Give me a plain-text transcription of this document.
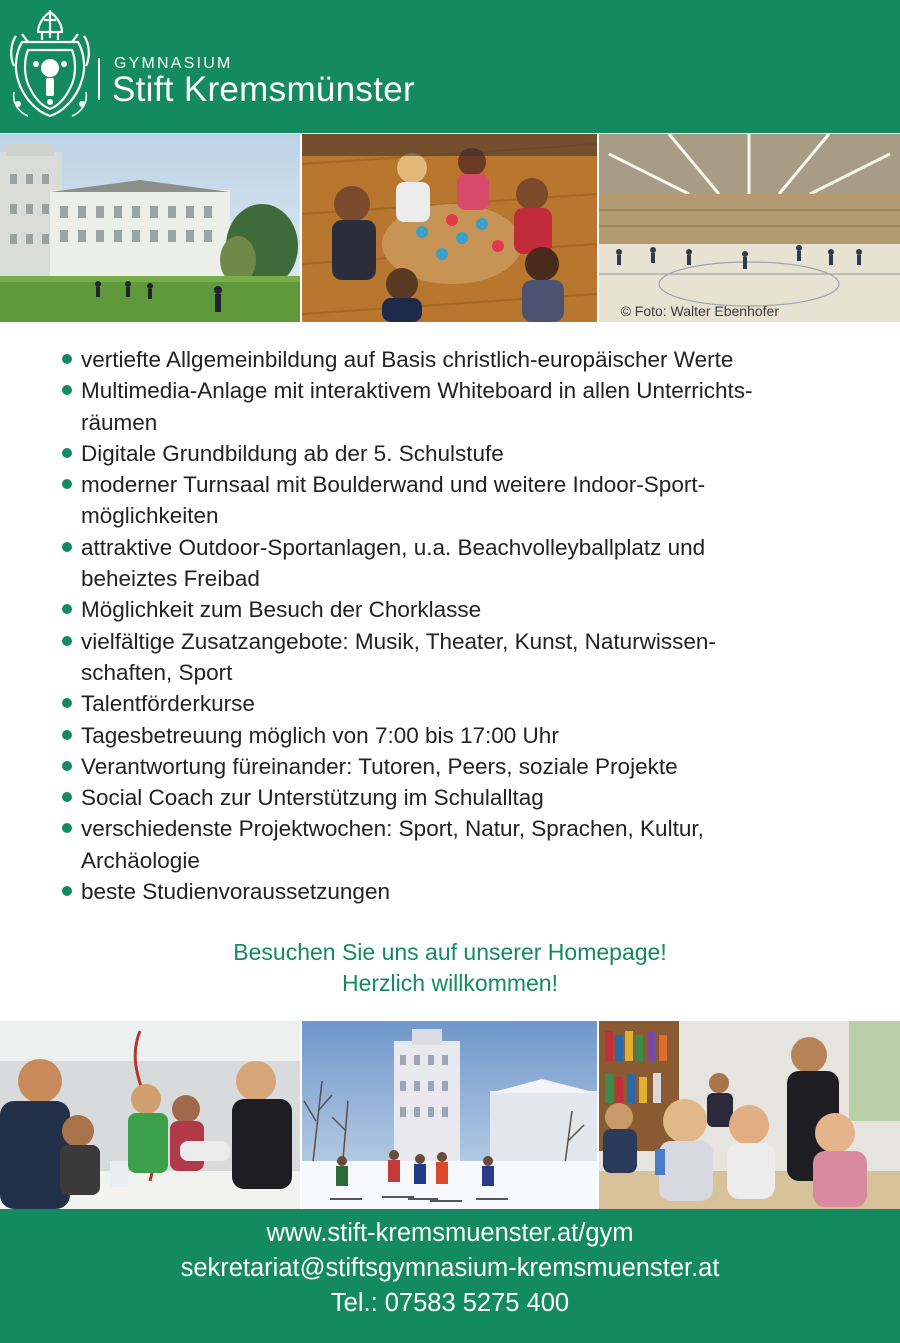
GYMNASIUM
Stift Kremsmünster
© Foto: Walter Ebenhofer
vertiefte Allgemeinbildung auf Basis christlich-europäischer Werte
Multimedia-Anlage mit interaktivem Whiteboard in allen Unterrichts-
räumen
Digitale Grundbildung ab der 5. Schulstufe
moderner Turnsaal mit Boulderwand und weitere Indoor-Sport-
möglichkeiten
attraktive Outdoor-Sportanlagen, u.a. Beachvolleyballplatz und
beheiztes Freibad
Möglichkeit zum Besuch der Chorklasse
vielfältige Zusatzangebote: Musik, Theater, Kunst, Naturwissen-
schaften, Sport
Talentförderkurse
Tagesbetreuung möglich von 7:00 bis 17:00 Uhr
Verantwortung füreinander: Tutoren, Peers, soziale Projekte
Social Coach zur Unterstützung im Schulalltag
verschiedenste Projektwochen: Sport, Natur, Sprachen, Kultur,
Archäologie
beste Studienvoraussetzungen
Besuchen Sie uns auf unserer Homepage!
Herzlich willkommen!
www.stift-kremsmuenster.at/gym
sekretariat@stiftsgymnasium-kremsmuenster.at
Tel.: 07583 5275 400
